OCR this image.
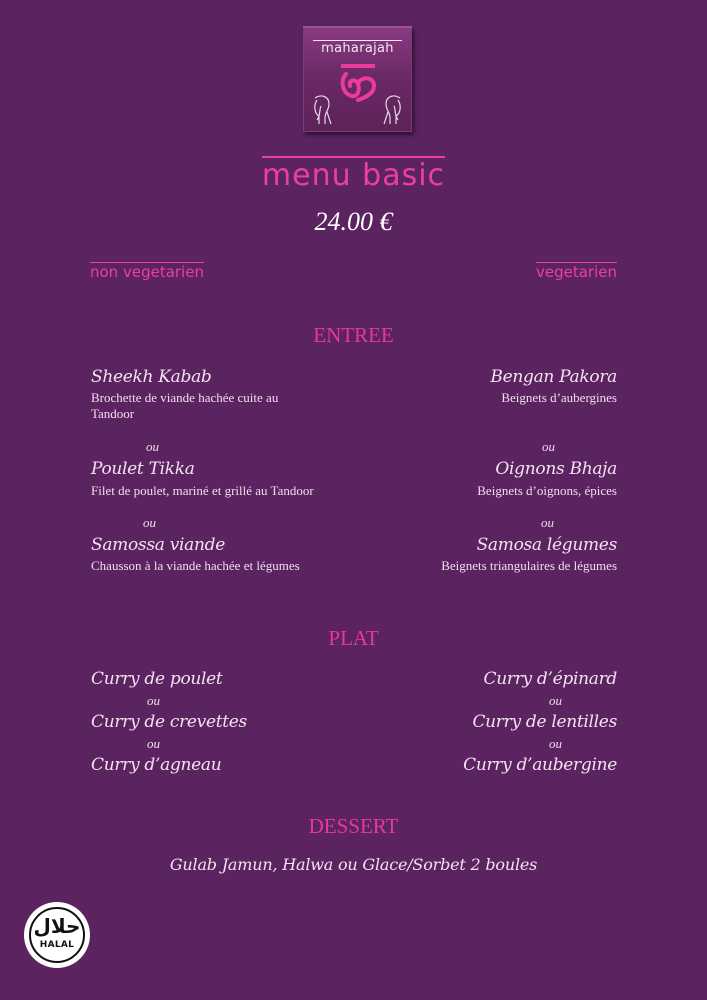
maharajah
menu basic
24.00 €
non vegetarien	vegetarien
ENTREE
Sheekh Kabab
Brochette de viande hachée cuite au
Tandoor
ou
Poulet Tikka
Filet de poulet, mariné et grillé au Tandoor
ou
Samossa viande
Chausson à la viande hachée et légumes
Bengan Pakora
Beignets d’aubergines
ou
Oignons Bhaja
Beignets d’oignons, épices
ou
Samosa légumes
Beignets triangulaires de légumes
PLAT
Curry de poulet
ou
Curry de crevettes
ou
Curry d’agneau
Curry d’épinard
ou
Curry de lentilles
ou
Curry d’aubergine
DESSERT
Gulab Jamun, Halwa ou Glace/Sorbet 2 boules
حلال
HALAL
